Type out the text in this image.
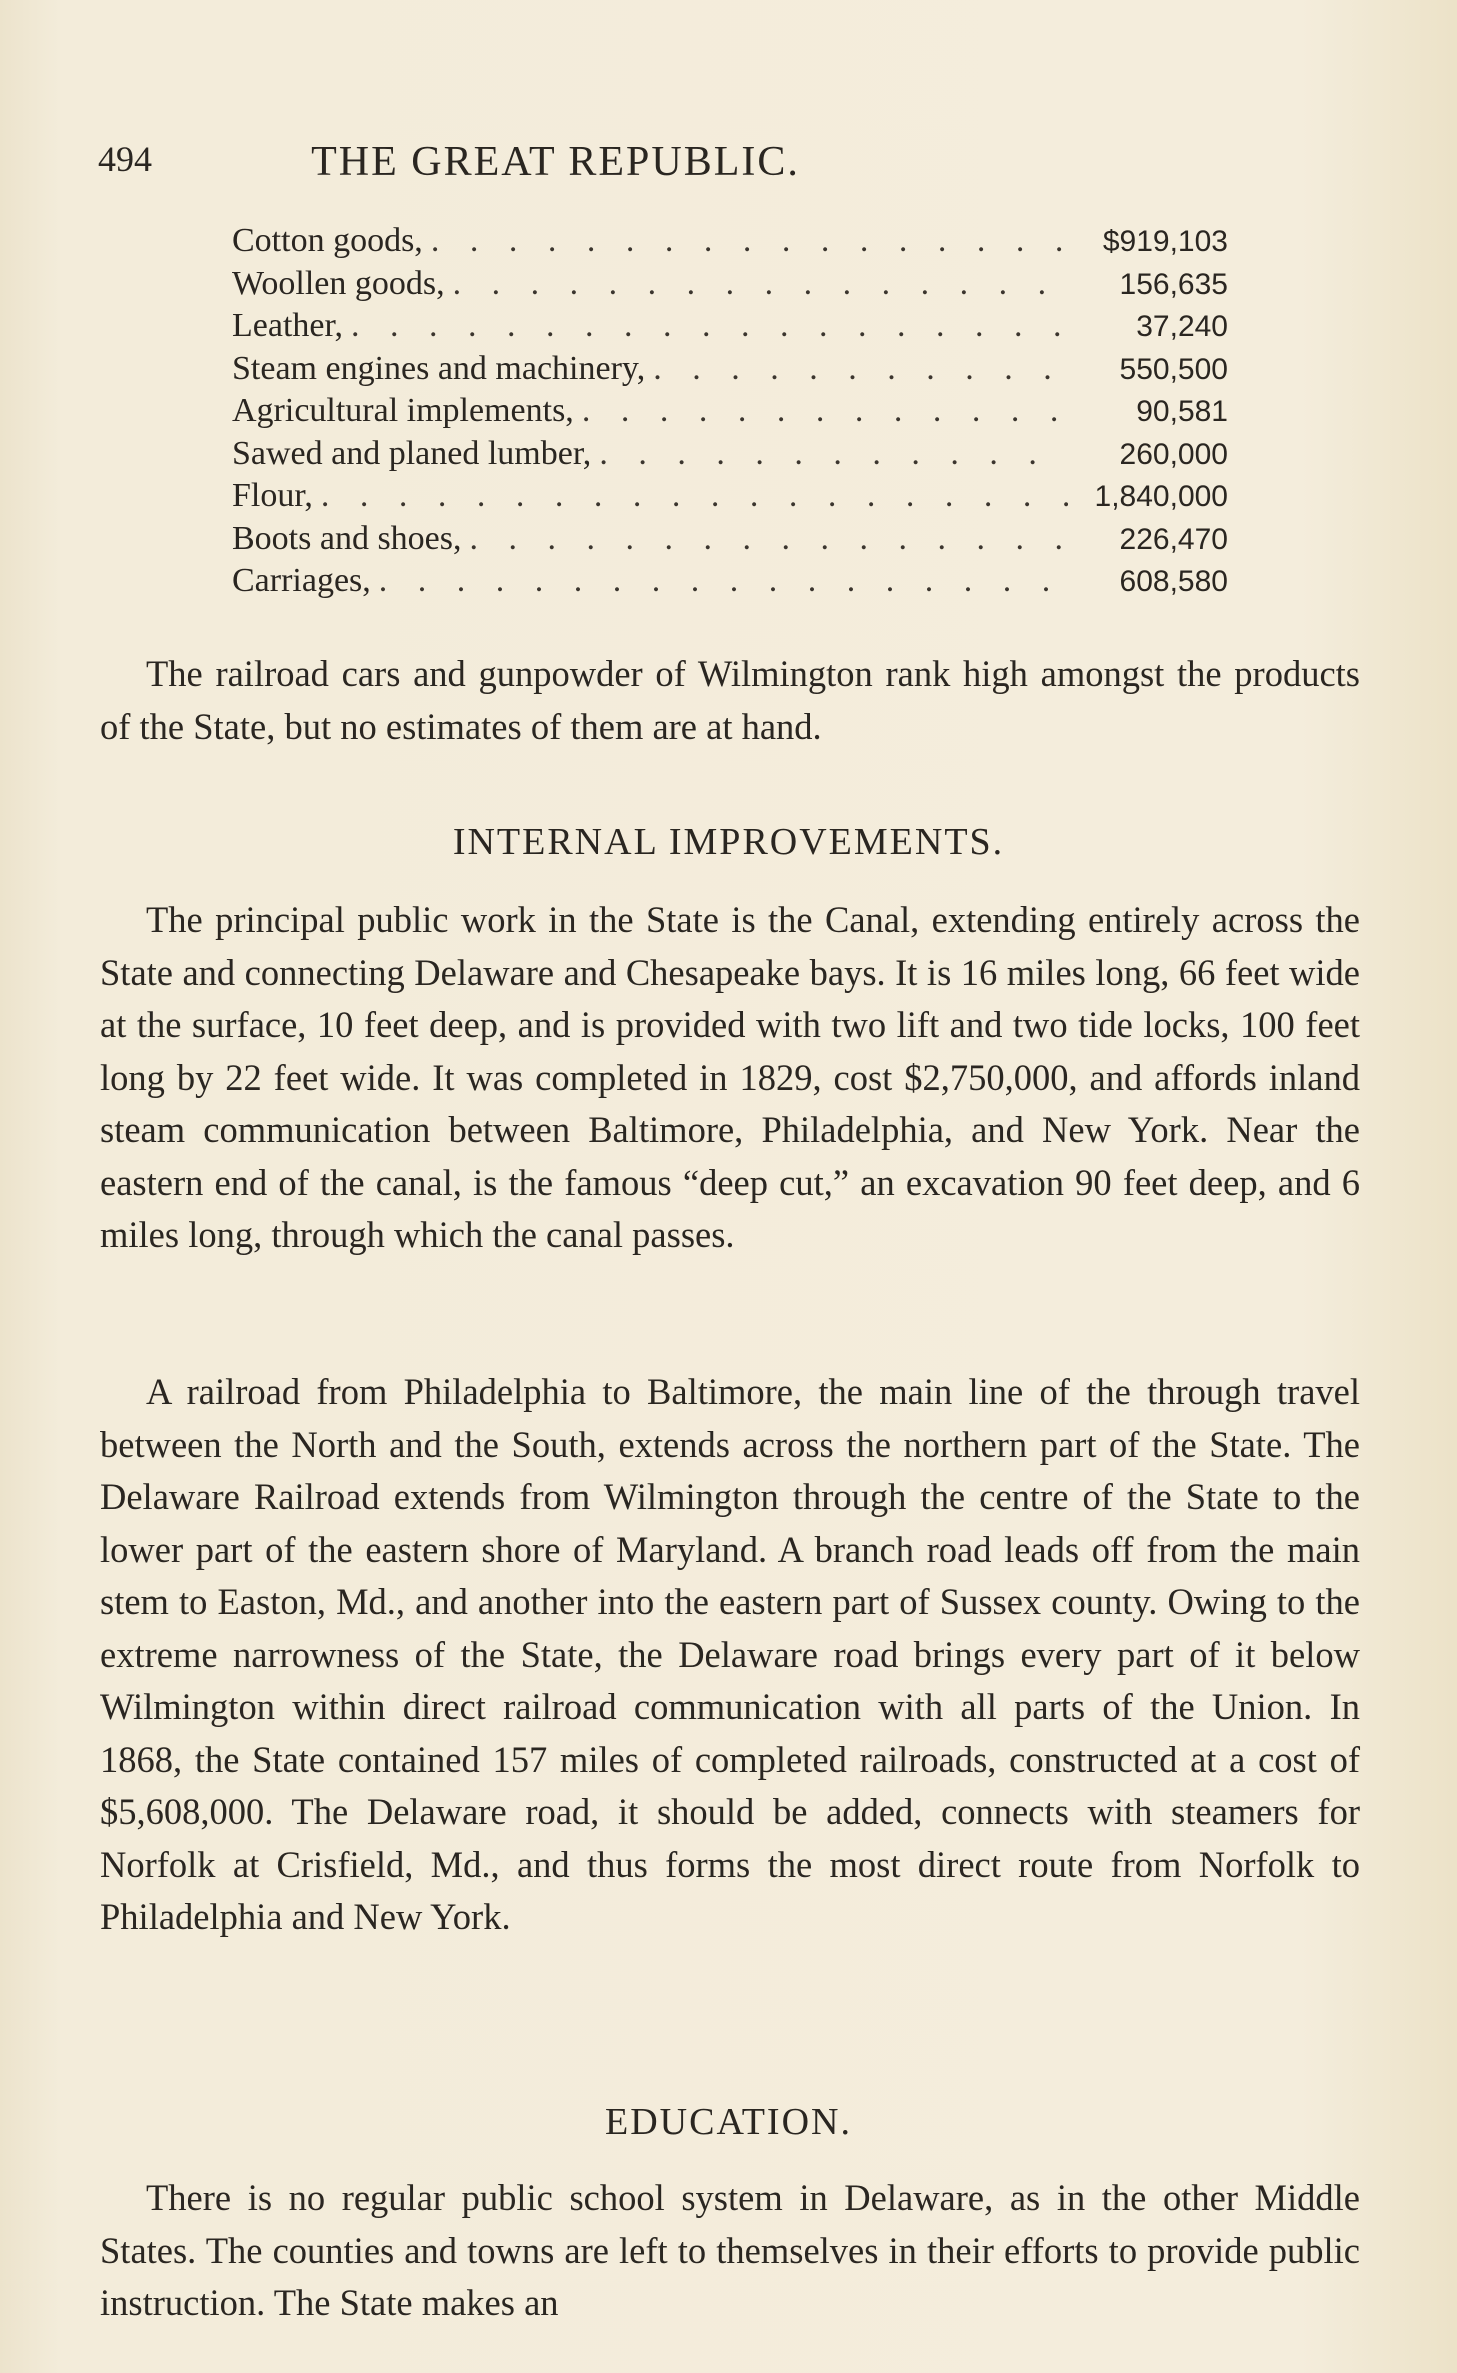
494	THE GREAT REPUBLIC.
Cotton goods, . . .	$919,103
Woollen goods, . . .	156,635
Leather, . . .	37,240
Steam engines and machinery, . . .	550,500
Agricultural implements, . . .	90,581
Sawed and planed lumber, . . .	260,000
Flour, . . .	1,840,000
Boots and shoes, . . .	226,470
Carriages, . . .	608,580

The railroad cars and gunpowder of Wilmington rank high amongst the products of the State, but no estimates of them are at hand.

INTERNAL IMPROVEMENTS.

The principal public work in the State is the Canal, extending entirely across the State and connecting Delaware and Chesapeake bays. It is 16 miles long, 66 feet wide at the surface, 10 feet deep, and is provided with two lift and two tide locks, 100 feet long by 22 feet wide. It was completed in 1829, cost $2,750,000, and affords inland steam communication between Baltimore, Philadelphia, and New York. Near the eastern end of the canal, is the famous “deep cut,” an excavation 90 feet deep, and 6 miles long, through which the canal passes.

A railroad from Philadelphia to Baltimore, the main line of the through travel between the North and the South, extends across the northern part of the State. The Delaware Railroad extends from Wilmington through the centre of the State to the lower part of the eastern shore of Maryland. A branch road leads off from the main stem to Easton, Md., and another into the eastern part of Sussex county. Owing to the extreme narrowness of the State, the Delaware road brings every part of it below Wilmington within direct railroad communication with all parts of the Union. In 1868, the State contained 157 miles of completed railroads, constructed at a cost of $5,608,000. The Delaware road, it should be added, connects with steamers for Norfolk at Crisfield, Md., and thus forms the most direct route from Norfolk to Philadelphia and New York.

EDUCATION.

There is no regular public school system in Delaware, as in the other Middle States. The counties and towns are left to themselves in their efforts to provide public instruction. The State makes an
